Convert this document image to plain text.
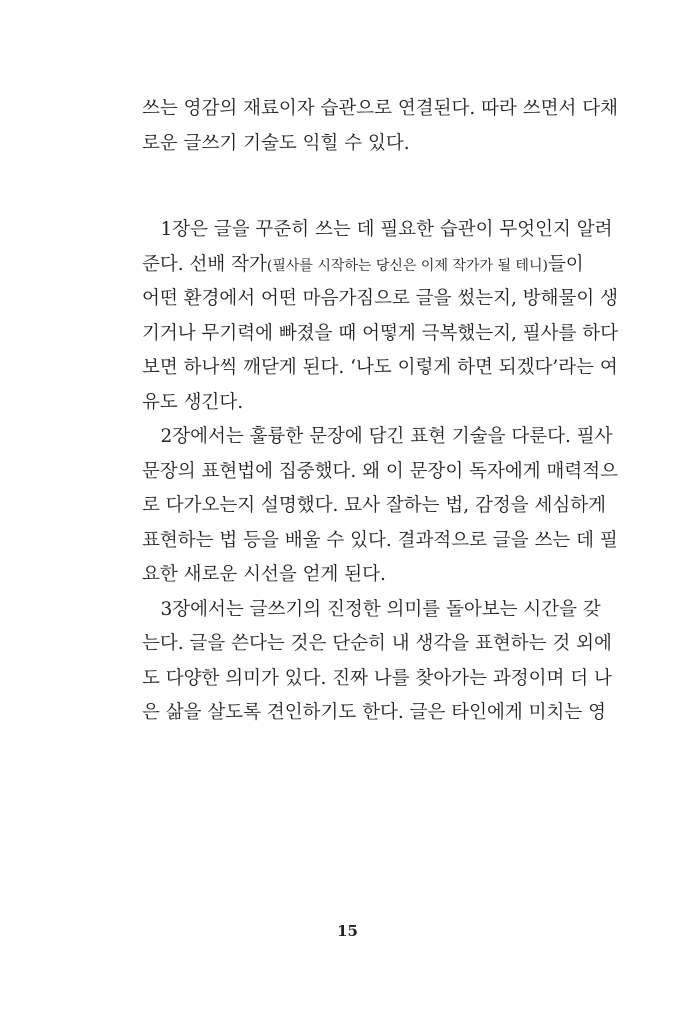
쓰는 영감의 재료이자 습관으로 연결된다. 따라 쓰면서 다채
로운 글쓰기 기술도 익힐 수 있다.
　1장은 글을 꾸준히 쓰는 데 필요한 습관이 무엇인지 알려
준다. 선배 작가(필사를 시작하는 당신은 이제 작가가 될 테니)들이
어떤 환경에서 어떤 마음가짐으로 글을 썼는지, 방해물이 생
기거나 무기력에 빠졌을 때 어떻게 극복했는지, 필사를 하다
보면 하나씩 깨닫게 된다. ‘나도 이렇게 하면 되겠다’라는 여
유도 생긴다.
　2장에서는 훌륭한 문장에 담긴 표현 기술을 다룬다. 필사
문장의 표현법에 집중했다. 왜 이 문장이 독자에게 매력적으
로 다가오는지 설명했다. 묘사 잘하는 법, 감정을 세심하게
표현하는 법 등을 배울 수 있다. 결과적으로 글을 쓰는 데 필
요한 새로운 시선을 얻게 된다.
　3장에서는 글쓰기의 진정한 의미를 돌아보는 시간을 갖
는다. 글을 쓴다는 것은 단순히 내 생각을 표현하는 것 외에
도 다양한 의미가 있다. 진짜 나를 찾아가는 과정이며 더 나
은 삶을 살도록 견인하기도 한다. 글은 타인에게 미치는 영
15
